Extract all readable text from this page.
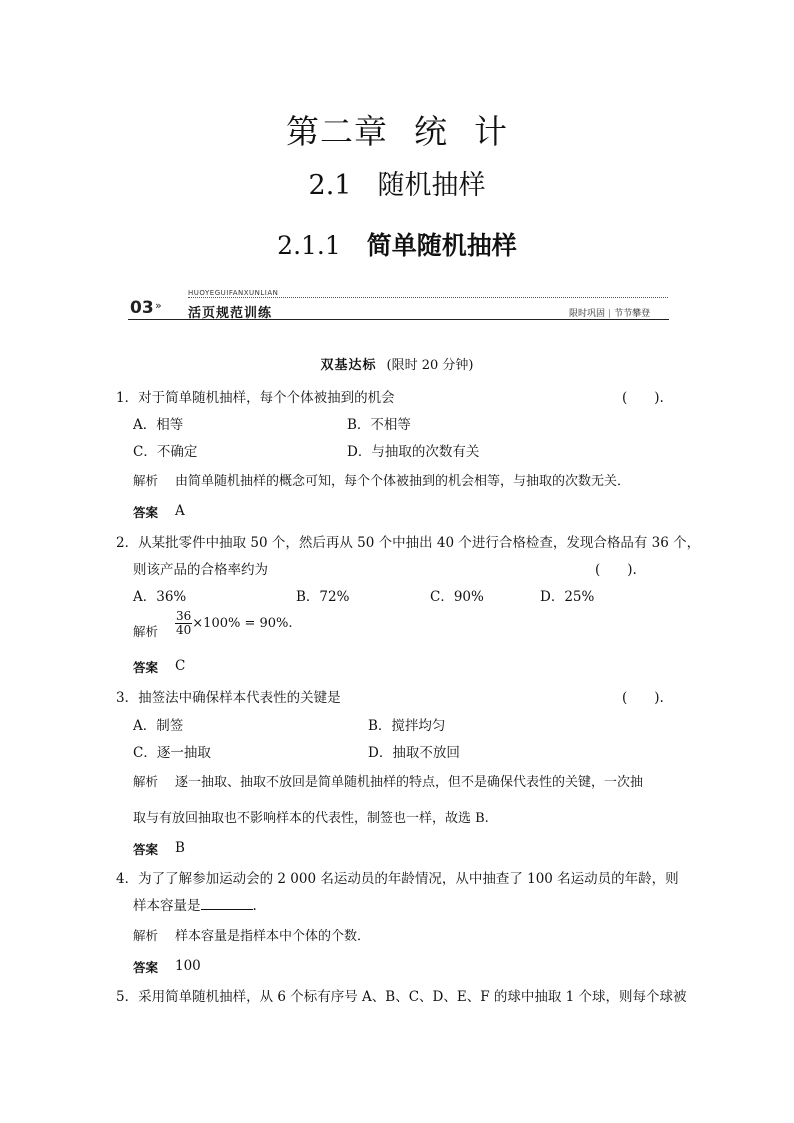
第二章 统 计
2.1 随机抽样
2.1.1 简单随机抽样
HUOYEGUIFANXUNLIAN
03 »
活页规范训练	限时巩固 | 节节攀登
双基达标 (限时 20 分钟)
1．对于简单随机抽样，每个个体被抽到的机会	(　　).
A．相等	B．不相等
C．不确定	D．与抽取的次数有关
解析 由简单随机抽样的概念可知，每个个体被抽到的机会相等，与抽取的次数无关．
答案 A
2．从某批零件中抽取 50 个，然后再从 50 个中抽出 40 个进行合格检查，发现合格品有 36 个，
则该产品的合格率约为	(　　).
A．36%	B．72%	C．90%	D．25%
解析 $\frac{36}{40} \times 100\% = 90\%$.
答案 C
3．抽签法中确保样本代表性的关键是	(　　).
A．制签	B．搅拌均匀
C．逐一抽取	D．抽取不放回
解析 逐一抽取、抽取不放回是简单随机抽样的特点，但不是确保代表性的关键，一次抽
取与有放回抽取也不影响样本的代表性，制签也一样，故选 B.
答案 B
4．为了了解参加运动会的 2 000 名运动员的年龄情况，从中抽查了 100 名运动员的年龄，则
样本容量是	.
解析 样本容量是指样本中个体的个数．
答案 100
5．采用简单随机抽样，从 6 个标有序号 A、B、C、D、E、F 的球中抽取 1 个球，则每个球被
